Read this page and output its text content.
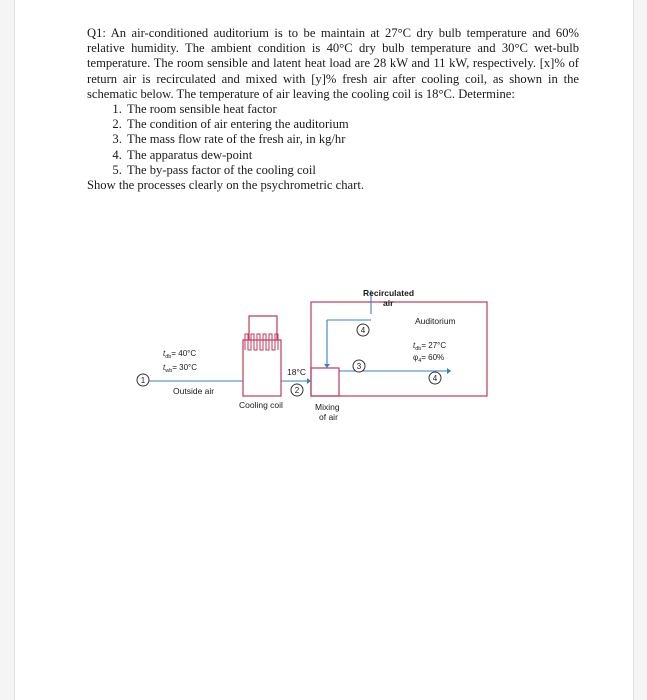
Q1: An air-conditioned auditorium is to be maintain at 27°C dry bulb temperature and 60% relative humidity. The ambient condition is 40°C dry bulb temperature and 30°C wet-bulb temperature. The room sensible and latent heat load are 28 kW and 11 kW, respectively. [x]% of return air is recirculated and mixed with [y]% fresh air after cooling coil, as shown in the schematic below. The temperature of air leaving the cooling coil is 18°C. Determine:
1. The room sensible heat factor
2. The condition of air entering the auditorium
3. The mass flow rate of the fresh air, in kg/hr
4. The apparatus dew-point
5. The by-pass factor of the cooling coil
Show the processes clearly on the psychrometric chart.
Recirculated
air
Auditorium
$t_{db}= 27^\circ C$
$\varphi_4= 60\%$
$t_{db}= 40^\circ C$
$t_{wb}= 30^\circ C$
Outside air
18°C
Cooling coil	Mixing
of air
1
2
3
4
4
